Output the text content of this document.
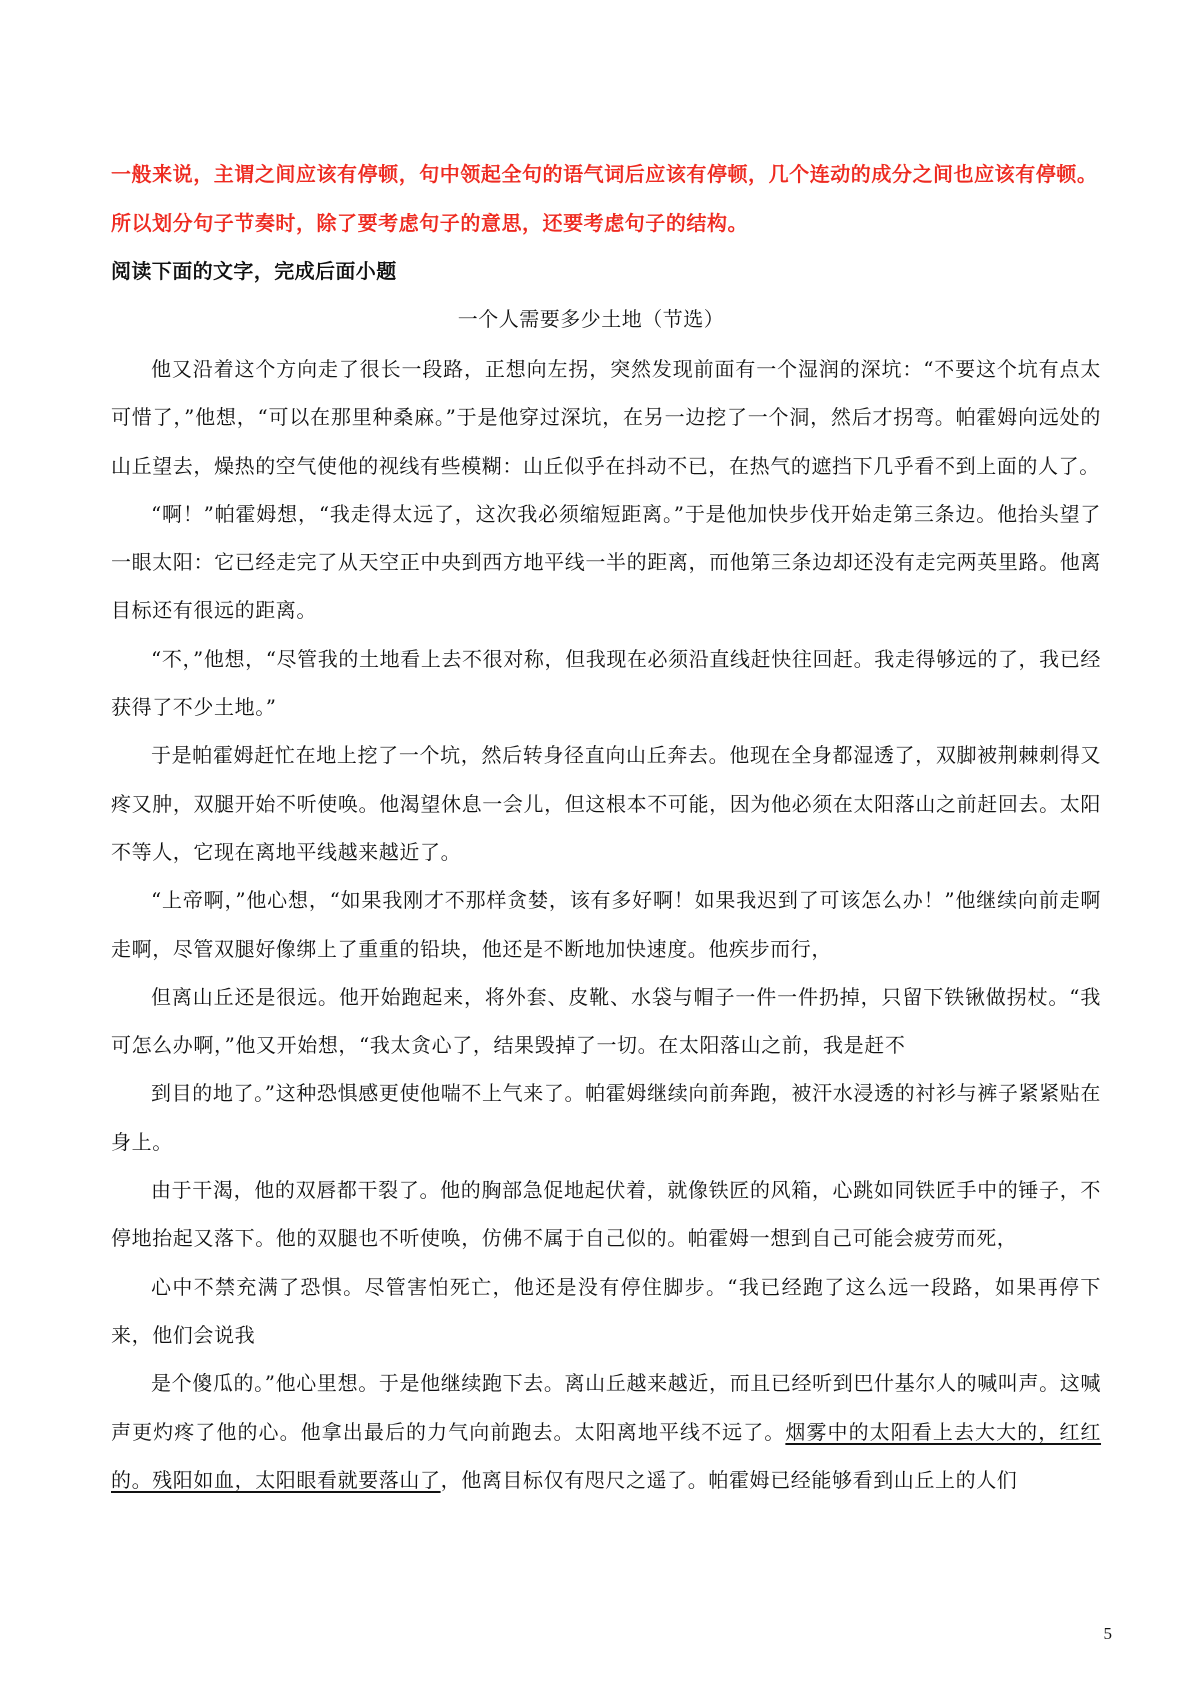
一般来说，主谓之间应该有停顿，句中领起全句的语气词后应该有停顿，几个连动的成分之间也应该有停顿。所以划分句子节奏时，除了要考虑句子的意思，还要考虑句子的结构。

阅读下面的文字，完成后面小题

一个人需要多少土地（节选）

他又沿着这个方向走了很长一段路，正想向左拐，突然发现前面有一个湿润的深坑：“不要这个坑有点太可惜了，”他想，“可以在那里种桑麻。”于是他穿过深坑，在另一边挖了一个洞，然后才拐弯。帕霍姆向远处的山丘望去，燥热的空气使他的视线有些模糊：山丘似乎在抖动不已，在热气的遮挡下几乎看不到上面的人了。

“啊！”帕霍姆想，“我走得太远了，这次我必须缩短距离。”于是他加快步伐开始走第三条边。他抬头望了一眼太阳：它已经走完了从天空正中央到西方地平线一半的距离，而他第三条边却还没有走完两英里路。他离目标还有很远的距离。

“不，”他想，“尽管我的土地看上去不很对称，但我现在必须沿直线赶快往回赶。我走得够远的了，我已经获得了不少土地。”

于是帕霍姆赶忙在地上挖了一个坑，然后转身径直向山丘奔去。他现在全身都湿透了，双脚被荆棘刺得又疼又肿，双腿开始不听使唤。他渴望休息一会儿，但这根本不可能，因为他必须在太阳落山之前赶回去。太阳不等人，它现在离地平线越来越近了。

“上帝啊，”他心想，“如果我刚才不那样贪婪，该有多好啊！如果我迟到了可该怎么办！”他继续向前走啊走啊，尽管双腿好像绑上了重重的铅块，他还是不断地加快速度。他疾步而行，

但离山丘还是很远。他开始跑起来，将外套、皮靴、水袋与帽子一件一件扔掉，只留下铁锹做拐杖。“我可怎么办啊，”他又开始想，“我太贪心了，结果毁掉了一切。在太阳落山之前，我是赶不

到目的地了。”这种恐惧感更使他喘不上气来了。帕霍姆继续向前奔跑，被汗水浸透的衬衫与裤子紧紧贴在身上。

由于干渴，他的双唇都干裂了。他的胸部急促地起伏着，就像铁匠的风箱，心跳如同铁匠手中的锤子，不停地抬起又落下。他的双腿也不听使唤，仿佛不属于自己似的。帕霍姆一想到自己可能会疲劳而死，

心中不禁充满了恐惧。尽管害怕死亡，他还是没有停住脚步。“我已经跑了这么远一段路，如果再停下来，他们会说我

是个傻瓜的。”他心里想。于是他继续跑下去。离山丘越来越近，而且已经听到巴什基尔人的喊叫声。这喊声更灼疼了他的心。他拿出最后的力气向前跑去。太阳离地平线不远了。烟雾中的太阳看上去大大的，红红的。残阳如血，太阳眼看就要落山了，他离目标仅有咫尺之遥了。帕霍姆已经能够看到山丘上的人们

5
